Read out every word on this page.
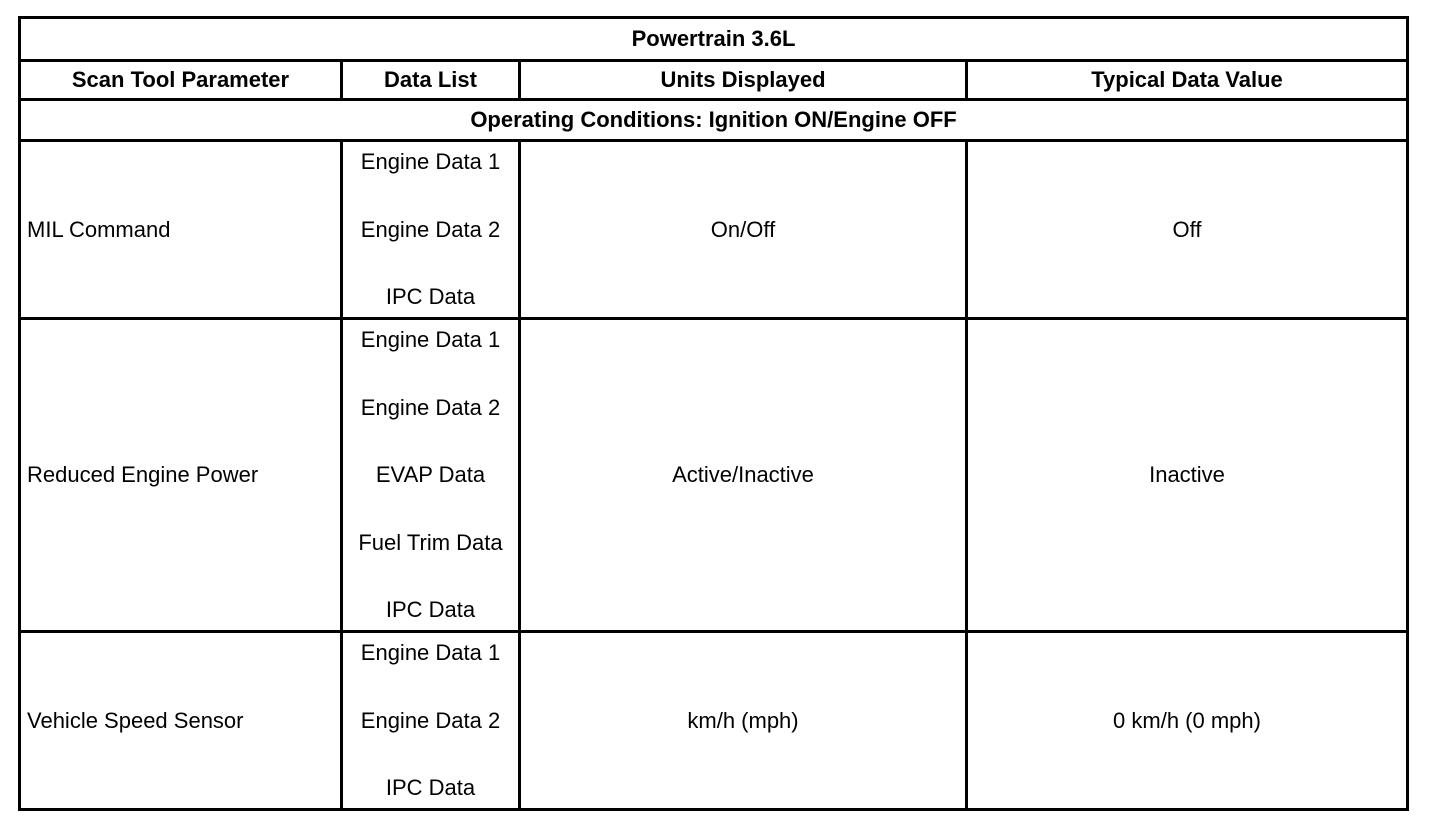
Powertrain 3.6L			
Scan Tool Parameter	Data List	Units Displayed	Typical Data Value
Operating Conditions: Ignition ON/Engine OFF			
MIL Command	Engine Data 1
Engine Data 2
IPC Data	On/Off	Off
Reduced Engine Power	Engine Data 1
Engine Data 2
EVAP Data
Fuel Trim Data
IPC Data	Active/Inactive	Inactive
Vehicle Speed Sensor	Engine Data 1
Engine Data 2
IPC Data	km/h (mph)	0 km/h (0 mph)
